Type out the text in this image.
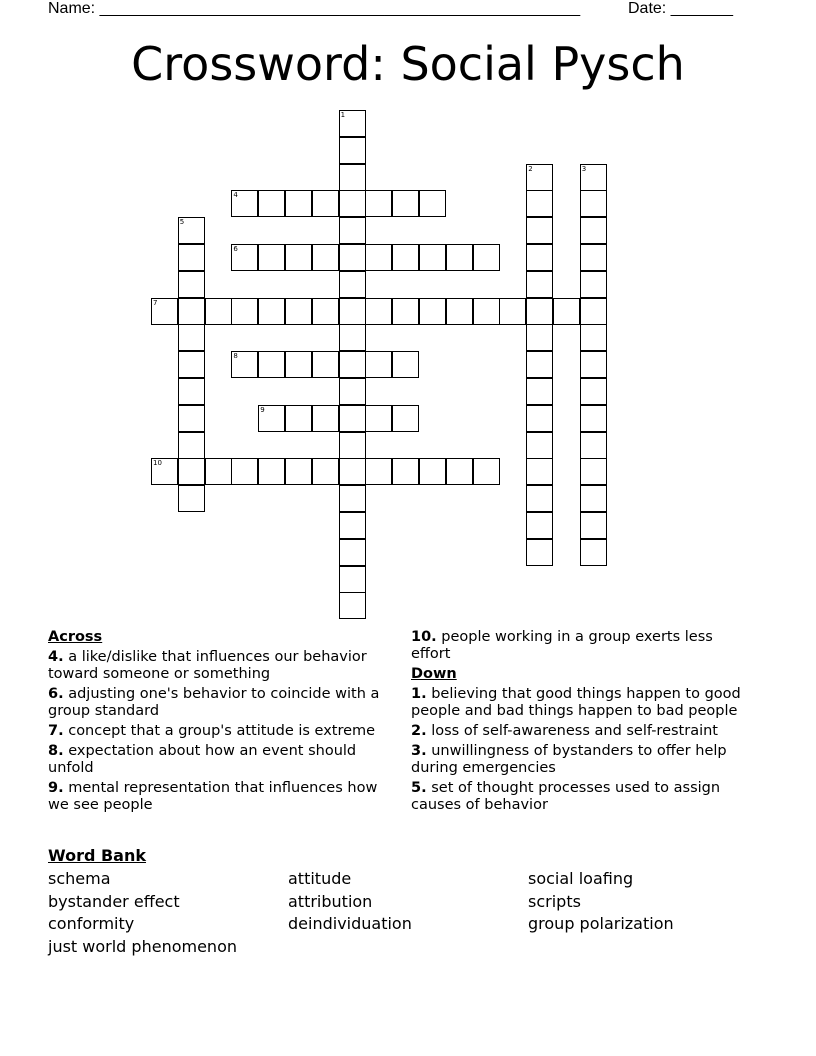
Name: ______________________________________________________	Date: _______
Crossword: Social Pysch
1
2	3
4
5
6
7
8
9
10
Across
4. a like/dislike that influences our behavior toward someone or something
6. adjusting one's behavior to coincide with a group standard
7. concept that a group's attitude is extreme
8. expectation about how an event should unfold
9. mental representation that influences how we see people
10. people working in a group exerts less effort
Down
1. believing that good things happen to good people and bad things happen to bad people
2. loss of self-awareness and self-restraint
3. unwillingness of bystanders to offer help during emergencies
5. set of thought processes used to assign causes of behavior
Word Bank
schema
bystander effect
conformity
just world phenomenon
attitude
attribution
deindividuation
social loafing
scripts
group polarization
